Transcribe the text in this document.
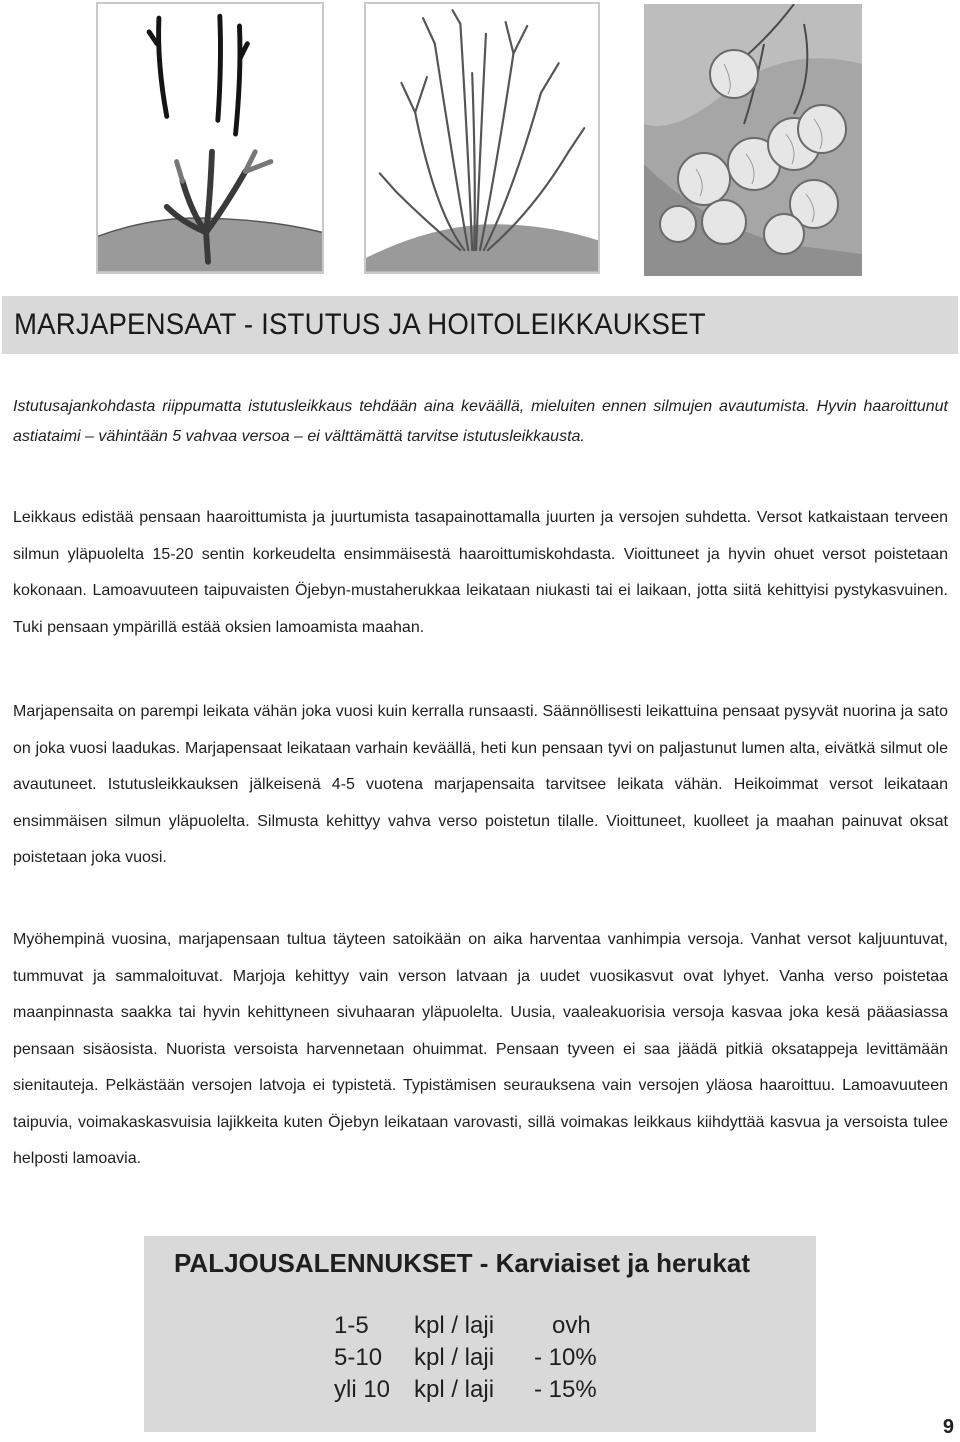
MARJAPENSAAT - ISTUTUS JA HOITOLEIKKAUKSET

Istutusajankohdasta riippumatta istutusleikkaus tehdään aina keväällä, mieluiten ennen silmujen avautumista. Hyvin haaroittunut astiataimi – vähintään 5 vahvaa versoa – ei välttämättä tarvitse istutusleikkausta.

Leikkaus edistää pensaan haaroittumista ja juurtumista tasapainottamalla juurten ja versojen suhdetta. Versot katkaistaan terveen silmun yläpuolelta 15-20 sentin korkeudelta ensimmäisestä haaroittumiskohdasta. Vioittuneet ja hyvin ohuet versot poistetaan kokonaan. Lamoavuuteen taipuvaisten Öjebyn-mustaherukkaa leikataan niukasti tai ei laikaan, jotta siitä kehittyisi pystykasvuinen. Tuki pensaan ympärillä estää oksien lamoamista maahan.

Marjapensaita on parempi leikata vähän joka vuosi kuin kerralla runsaasti. Säännöllisesti leikattuina pensaat pysyvät nuorina ja sato on joka vuosi laadukas. Marjapensaat leikataan varhain keväällä, heti kun pensaan tyvi on paljastunut lumen alta, eivätkä silmut ole avautuneet. Istutusleikkauksen jälkeisenä 4-5 vuotena marjapensaita tarvitsee leikata vähän. Heikoimmat versot leikataan ensimmäisen silmun yläpuolelta. Silmusta kehittyy vahva verso poistetun tilalle. Vioittuneet, kuolleet ja maahan painuvat oksat poistetaan joka vuosi.

Myöhempinä vuosina, marjapensaan tultua täyteen satoikään on aika harventaa vanhimpia versoja. Vanhat versot kaljuuntuvat, tummuvat ja sammaloituvat. Marjoja kehittyy vain verson latvaan ja uudet vuosikasvut ovat lyhyet. Vanha verso poistetaa maanpinnasta saakka tai hyvin kehittyneen sivuhaaran yläpuolelta. Uusia, vaaleakuorisia versoja kasvaa joka kesä pääasiassa pensaan sisäosista. Nuorista versoista harvennetaan ohuimmat. Pensaan tyveen ei saa jäädä pitkiä oksatappeja levittämään sienitauteja. Pelkästään versojen latvoja ei typistetä. Typistämisen seurauksena vain versojen yläosa haaroittuu. Lamoavuuteen taipuvia, voimakaskasvuisia lajikkeita kuten Öjebyn leikataan varovasti, sillä voimakas leikkaus kiihdyttää kasvua ja versoista tulee helposti lamoavia.

PALJOUSALENNUKSET - Karviaiset ja herukat
1-5 kpl / laji ovh
5-10 kpl / laji - 10%
yli 10 kpl / laji - 15%
9
